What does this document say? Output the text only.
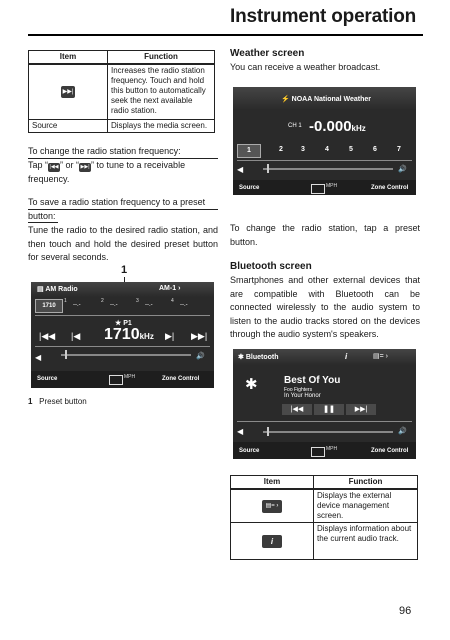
Instrument operation
Item	Function
▶▶|	Increases the radio station frequency. Touch and hold this button to automatically seek the next available radio station.
Source	Displays the media screen.
To change the radio station frequency:
Tap “ |◀◀ ” or “ ▶▶| ” to tune to a receivable frequency.
To save a radio station frequency to a preset button:
Tune the radio to the desired radio station, and then touch and hold the desired preset button for several seconds.
1
▤ AM Radio	AM-1 ›
1710	--.-	--.-	--.-	--.-
1	2	3	4
★ P1
|◀◀ |◀ 1710kHz ▶| ▶▶|
◀	🔊
Source	MPH	Zone Control
1 Preset button
Weather screen
You can receive a weather broadcast.
⚡ NOAA National Weather
CH 1 -0.000kHz
1	2	3	4	5	6	7
◀	🔊
Source	MPH	Zone Control
To change the radio station, tap a preset button.
Bluetooth screen
Smartphones and other external devices that are compatible with Bluetooth can be connected wirelessly to the audio system to listen to the audio tracks stored on the devices through the audio system's speakers.
✱ Bluetooth	i	▤= ›
✱	Best Of You
Foo Fighters
In Your Honor
|◀◀	❚❚	▶▶|
◀	🔊
Source	MPH	Zone Control
Item	Function
▤= ›	Displays the external device management screen.
i	Displays information about the current audio track.
96
